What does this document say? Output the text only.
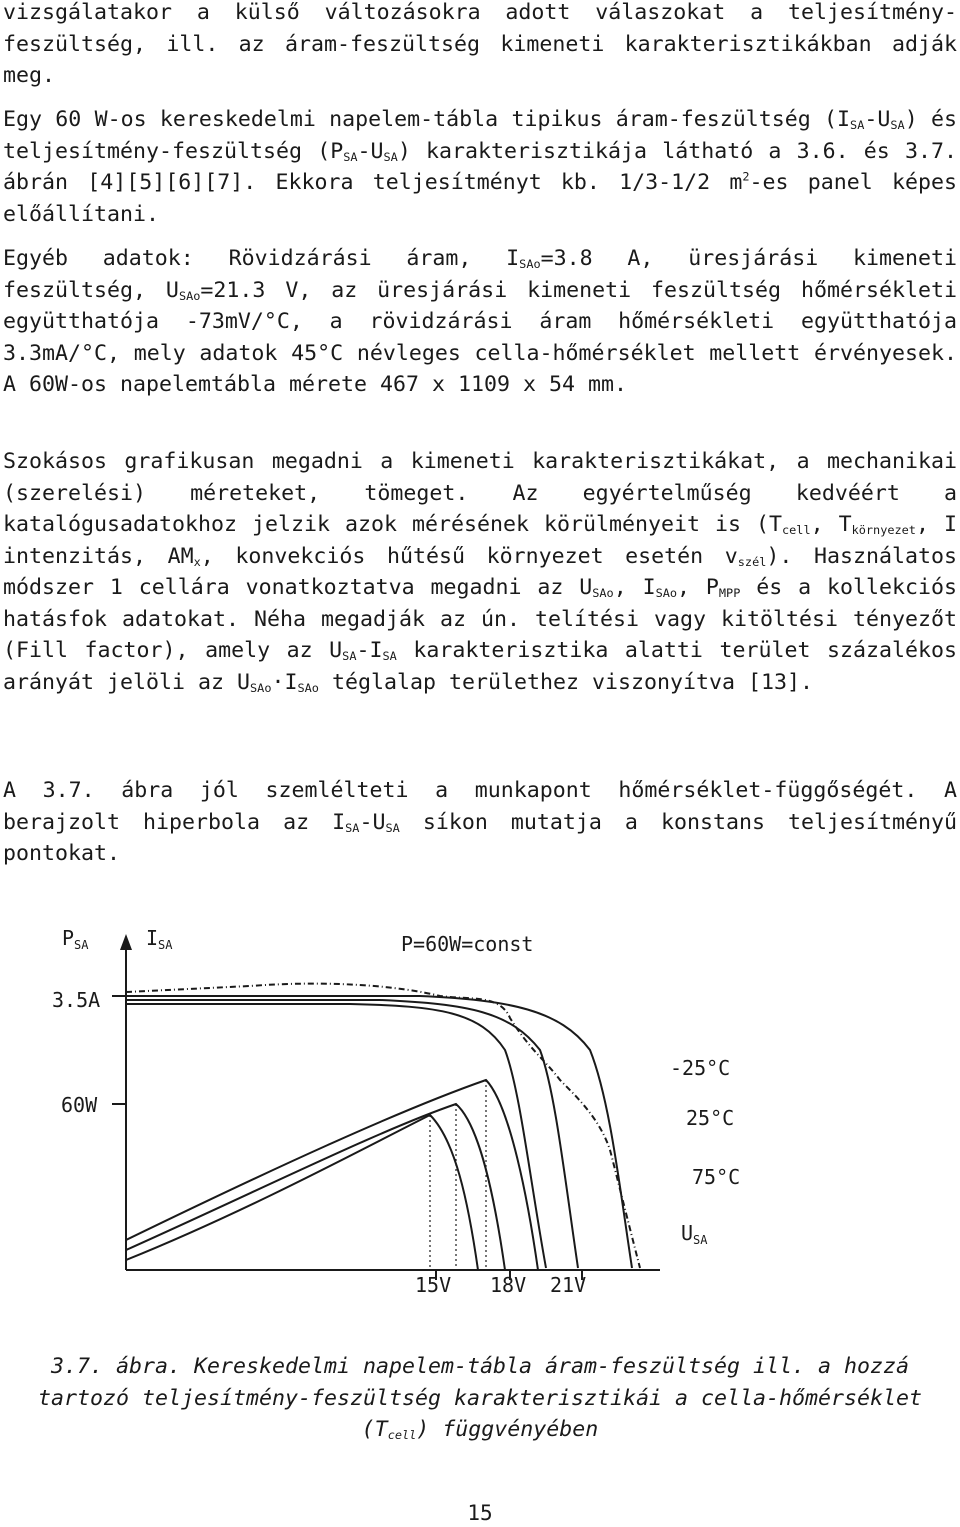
vizsgálatakor a külső változásokra adott válaszokat a teljesítmény-feszültség, ill. az áram-feszültség kimeneti karakterisztikákban adják meg.

Egy 60 W-os kereskedelmi napelem-tábla tipikus áram-feszültség $(I_{SA}-U_{SA})$ és teljesítmény-feszültség $(P_{SA}-U_{SA})$ karakterisztikája látható a 3.6. és 3.7. ábrán [4][5][6][7]. Ekkora teljesítményt kb. 1/3-1/2 $m^2-es$ panel képes előállítani.

Egyéb adatok: Rövidzárási áram, $I_{SAo}=3.8$ A, üresjárási kimeneti feszültség, $U_{SAo}=21.3$ V, az üresjárási kimeneti feszültség hőmérsékleti együtthatója -73mV/°C, a rövidzárási áram hőmérsékleti együtthatója 3.3mA/°C, mely adatok 45°C névleges cella-hőmérséklet mellett érvényesek. A 60W-os napelemtábla mérete 467 x 1109 x 54 mm.

Szokásos grafikusan megadni a kimeneti karakterisztikákat, a mechanikai (szerelési) méreteket, tömeget. Az egyértelműség kedvéért a katalógusadatokhoz jelzik azok mérésének körülményeit is ($T_{cell}$, $T_{környezet}$, I intenzitás, $AM_x$, konvekciós hűtésű környezet esetén $v_{szél}$). Használatos módszer 1 cellára vonatkoztatva megadni az $U_{SAo}$, $I_{SAo}$, $P_{MPP}$ és a kollekciós hatásfok adatokat. Néha megadják az ún. telítési vagy kitöltési tényezőt (Fill factor), amely az $U_{SA}-I_{SA}$ karakterisztika alatti terület százalékos arányát jelöli az $U_{SAo}\cdot I_{SAo}$ téglalap területhez viszonyítva [13].

A 3.7. ábra jól szemlélteti a munkapont hőmérséklet-függőségét. A berajzolt hiperbola az $I_{SA}-U_{SA}$ síkon mutatja a konstans teljesítményű pontokat.

$P_{SA}$	$I_{SA}$	P=60W=const
3.5A
60W
-25°C
25°C
75°C
$U_{SA}$
15V 18V 21V

3.7. ábra. Kereskedelmi napelem-tábla áram-feszültség ill. a hozzá tartozó teljesítmény-feszültség karakterisztikái a cella-hőmérséklet $(T_{cell})$ függvényében

15
